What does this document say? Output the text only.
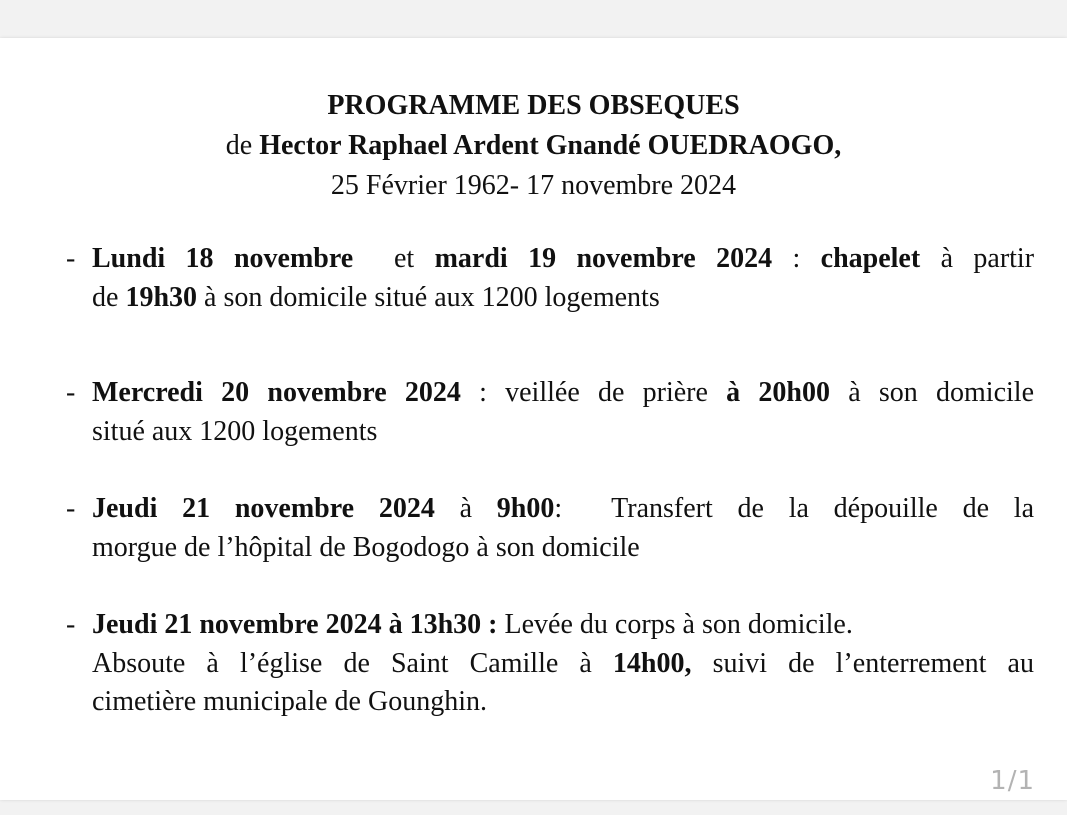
PROGRAMME DES OBSEQUES
de Hector Raphael Ardent Gnandé OUEDRAOGO,
25 Février 1962- 17 novembre 2024
- Lundi 18 novembre  et mardi 19 novembre 2024 : chapelet à partir
de 19h30 à son domicile situé aux 1200 logements
- Mercredi 20 novembre 2024 : veillée de prière à 20h00 à son domicile
situé aux 1200 logements
- Jeudi 21 novembre 2024 à 9h00:  Transfert de la dépouille de la
morgue de l’hôpital de Bogodogo à son domicile
- Jeudi 21 novembre 2024 à 13h30 : Levée du corps à son domicile.
Absoute à l’église de Saint Camille à 14h00, suivi de l’enterrement au
cimetière municipale de Gounghin.
1/1
